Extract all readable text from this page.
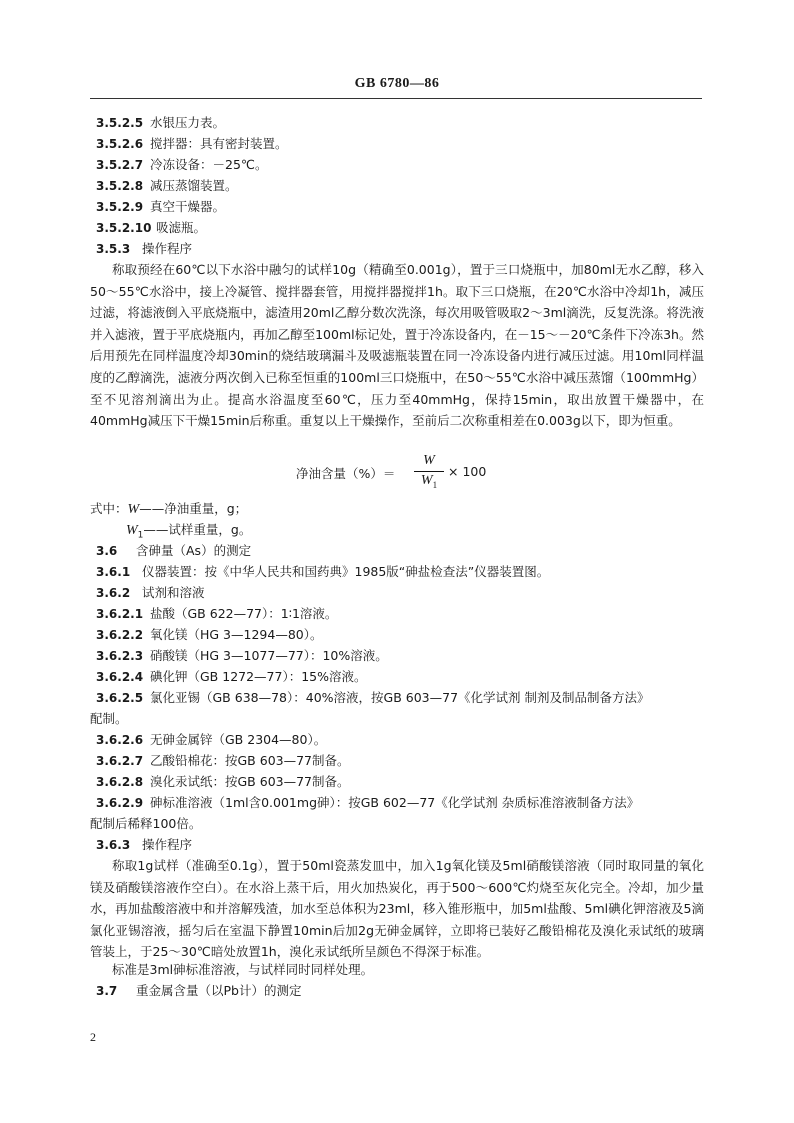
GB 6780—86
3.5.2.5 水银压力表。
3.5.2.6 搅拌器：具有密封装置。
3.5.2.7 冷冻设备：－25℃。
3.5.2.8 减压蒸馏装置。
3.5.2.9 真空干燥器。
3.5.2.10 吸滤瓶。
3.5.3 操作程序
称取预经在60℃以下水浴中融匀的试样10g（精确至0.001g），置于三口烧瓶中，加80ml无水乙醇，移入50～55℃水浴中，接上冷凝管、搅拌器套管，用搅拌器搅拌1h。取下三口烧瓶，在20℃水浴中冷却1h，减压过滤，将滤液倒入平底烧瓶中，滤渣用20ml乙醇分数次洗涤，每次用吸管吸取2～3ml滴洗，反复洗涤。将洗液并入滤液，置于平底烧瓶内，再加乙醇至100ml标记处，置于冷冻设备内，在－15～－20℃条件下冷冻3h。然后用预先在同样温度冷却30min的烧结玻璃漏斗及吸滤瓶装置在同一冷冻设备内进行减压过滤。用10ml同样温度的乙醇滴洗，滤液分两次倒入已称至恒重的100ml三口烧瓶中，在50～55℃水浴中减压蒸馏（100mmHg）至不见溶剂滴出为止。提高水浴温度至60℃，压力至40mmHg，保持15min，取出放置干燥器中，在40mmHg减压下干燥15min后称重。重复以上干燥操作，至前后二次称重相差在0.003g以下，即为恒重。
净油含量（%）＝
W
$W_1$
× 100
式中：W——净油重量，g；
$W_1——$试样重量，g。
3.6 含砷量（As）的测定
3.6.1 仪器装置：按《中华人民共和国药典》1985版“砷盐检查法”仪器装置图。
3.6.2 试剂和溶液
3.6.2.1 盐酸（GB 622—77）：1∶1溶液。
3.6.2.2 氧化镁（HG 3—1294—80）。
3.6.2.3 硝酸镁（HG 3—1077—77）：10%溶液。
3.6.2.4 碘化钾（GB 1272—77）：15%溶液。
3.6.2.5 氯化亚锡（GB 638—78）：40%溶液，按GB 603—77《化学试剂 制剂及制品制备方法》
配制。
3.6.2.6 无砷金属锌（GB 2304—80）。
3.6.2.7 乙酸铅棉花：按GB 603—77制备。
3.6.2.8 溴化汞试纸：按GB 603—77制备。
3.6.2.9 砷标准溶液（1ml含0.001mg砷）：按GB 602—77《化学试剂 杂质标准溶液制备方法》
配制后稀释100倍。
3.6.3 操作程序
称取1g试样（准确至0.1g），置于50ml瓷蒸发皿中，加入1g氧化镁及5ml硝酸镁溶液（同时取同量的氧化镁及硝酸镁溶液作空白）。在水浴上蒸干后，用火加热炭化，再于500～600℃灼烧至灰化完全。冷却，加少量水，再加盐酸溶液中和并溶解残渣，加水至总体积为23ml，移入锥形瓶中，加5ml盐酸、5ml碘化钾溶液及5滴氯化亚锡溶液，摇匀后在室温下静置10min后加2g无砷金属锌，立即将已装好乙酸铅棉花及溴化汞试纸的玻璃管装上，于25～30℃暗处放置1h，溴化汞试纸所呈颜色不得深于标准。
标准是3ml砷标准溶液，与试样同时同样处理。
3.7 重金属含量（以Pb计）的测定
2
